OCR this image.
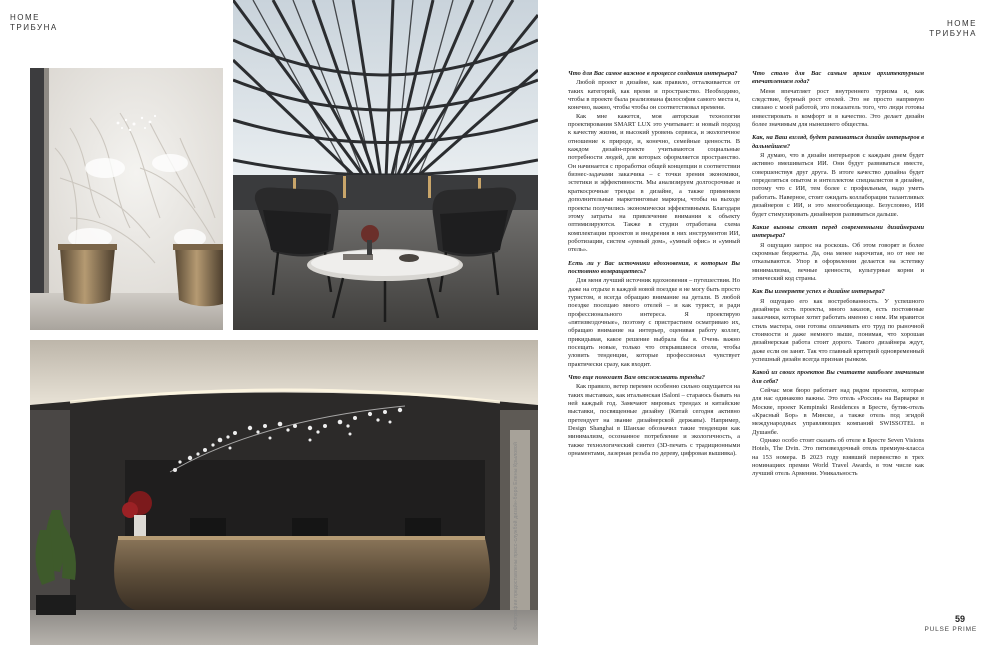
HOME
ТРИБУНА	HOME
ТРИБУНА
Фотографии предоставлены пресс-службой дизайн-бюро Елены Крыловой

Что для Вас самое важное в процессе создания интерьера?

Любой проект в дизайне, как правило, отталкивается от таких категорий, как время и пространство. Необходимо, чтобы в проекте была реализована философия самого места и, конечно, важно, чтобы чтобы он соответствовал времени.

Как мне кажется, моя авторская технология проектирования SMART LUX это учитывает: и новый подход к качеству жизни, и высокий уровень сервиса, и экологичное отношение к природе, и, конечно, семейные ценности. В каждом дизайн-проекте учитываются социальные потребности людей, для которых оформляется пространство. Он начинается с проработки общей концепции в соответствии бизнес-задачами заказчика – с точки зрения экономики, эстетики и эффективности. Мы анализируем долгосрочные и краткосрочные тренды в дизайне, а также применяем дополнительные маркетинговые маркеры, чтобы на выходе проекты получились экономически эффективными. Благодаря этому затраты на привлечение внимания к объекту оптимизируются. Также в студии отработана схема комплектации проектов и внедрения в них инструментов ИИ, роботизации, систем «умный дом», «умный офис» и «умный отель».

Есть ли у Вас источники вдохновения, к которым Вы постоянно возвращаетесь?

Для меня лучший источник вдохновения – путешествия. Но даже на отдыхе в каждой новой поездке я не могу быть просто туристом, я всегда обращаю внимание на детали. В любой поездке посещаю много отелей – и как турист, и ради профессионального интереса. Я проектирую «пятизвездочные», поэтому с пристрастием осматриваю их, обращаю внимание на интерьер, оценивая работу коллег, прикидывая, какое решение выбрала бы я. Очень важно посещать новые, только что открывшиеся отели, чтобы уловить тенденции, которые профессионал чувствует практически сразу, как входит.

Что еще помогает Вам отслеживать тренды?

Как правило, ветер перемен особенно сильно ощущается на таких выставках, как итальянская iSaloni – стараюсь бывать на ней каждый год. Замечают мировых трендах и китайские выставки, посвященные дизайну (Китай сегодня активно претендует на звание дизайнерской державы). Например, Design Shanghai в Шанхае обозначил такие тенденции как минимализм, осознанное потребление и экологичность, а также технологический синтез (3D-печать с традиционными орнаментами, лазерная резьба по дереву, цифровая вышивка).

Что стало для Вас самым ярким архитектурным впечатлением года?

Меня впечатляет рост внутреннего туризма и, как следствие, бурный рост отелей. Это не просто напрямую связано с моей работой, это показатель того, что люди готовы инвестировать в комфорт и в качество. Это делает дизайн более значимым для нынешнего общества.

Как, на Ваш взгляд, будет развиваться дизайн интерьеров в дальнейшем?

Я думаю, что в дизайн интерьеров с каждым днем будет активно вмешиваться ИИ. Они будут развиваться вместе, совершенствуя друг друга. В итоге качество дизайна будет определяться опытом и интеллектом специалистов в дизайне, потому что с ИИ, тем более с профильным, надо уметь работать. Наверное, стоит ожидать коллаборации талантливых дизайнеров с ИИ, и это многообещающе. Безусловно, ИИ будет стимулировать дизайнеров развиваться дальше.

Какие вызовы стоят перед современными дизайнерами интерьера?

Я ощущаю запрос на роскошь. Об этом говорят и более скромные бюджеты. Да, она менее нарочитая, но от нее не отказываются. Упор в оформлении делается на эстетику минимализма, вечные ценности, культурные корни и этнический код страны.

Как Вы измеряете успех в дизайне интерьера?

Я ощущаю его как востребованность. У успешного дизайнера есть проекты, много заказов, есть постоянные заказчики, которые хотят работать именно с ним. Им нравится стиль мастера, они готовы оплачивать его труд по рыночной стоимости и даже немного выше, понимая, что хорошая дизайнерская работа стоит дорого. Такого дизайнера ждут, даже если он занят. Так что главный критерий одновременный успешный дизайн всегда признан рынком.

Какой из своих проектов Вы считаете наиболее значимым для себя?

Сейчас моя бюро работает над рядом проектов, которые для нас одинаково важны. Это отель «Россия» на Варварке в Москве, проект Kempinski Residences в Бресте, бутик-отель «Красный Бор» в Минске, а также отель под эгидой международных управляющих компаний SWISSOTEL в Душанбе.

Однако особо стоит сказать об отеле в Бресте Seven Visions Hotels, The Dvin. Это пятизвездочный отель премиум-класса на 153 номера. В 2023 году взявший первенство в трех номинациях премии World Travel Awards, в том числе как лучший отель Армении. Уникальность

59
PULSE PRIME
